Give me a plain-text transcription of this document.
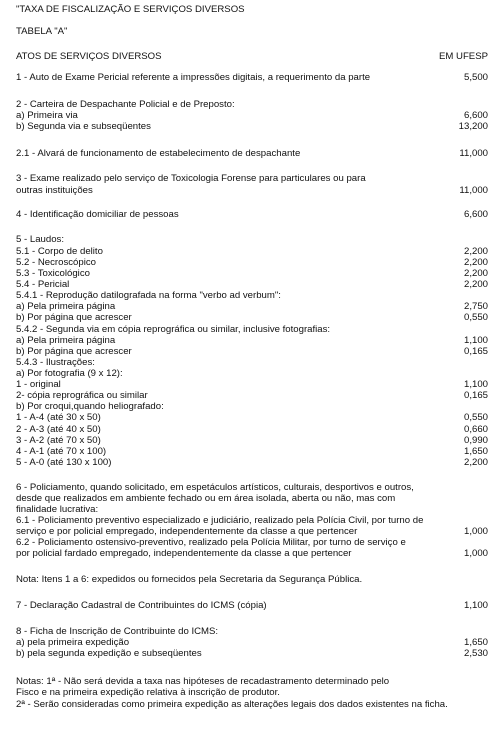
"TAXA DE FISCALIZAÇÃO E SERVIÇOS DIVERSOS
TABELA "A"
ATOS DE SERVIÇOS DIVERSOS	EM UFESP
1 - Auto de Exame Pericial referente a impressões digitais, a requerimento da parte	5,500
2 - Carteira de Despachante Policial e de Preposto:
a) Primeira via	6,600
b) Segunda via e subseqüentes	13,200
2.1 - Alvará de funcionamento de estabelecimento de despachante	11,000
3 - Exame realizado pelo serviço de Toxicologia Forense para particulares ou para
outras instituições	11,000
4 - Identificação domiciliar de pessoas	6,600
5 - Laudos:
5.1 - Corpo de delito	2,200
5.2 - Necroscópico	2,200
5.3 - Toxicológico	2,200
5.4 - Pericial	2,200
5.4.1 - Reprodução datilografada na forma "verbo ad verbum":
a) Pela primeira página	2,750
b) Por página que acrescer	0,550
5.4.2 - Segunda via em cópia reprográfica ou similar, inclusive fotografias:
a) Pela primeira página	1,100
b) Por página que acrescer	0,165
5.4.3 - Ilustrações:
a) Por fotografia (9 x 12):
1 - original	1,100
2- cópia reprográfica ou similar	0,165
b) Por croqui,quando heliografado:
1 - A-4 (até 30 x 50)	0,550
2 - A-3 (até 40 x 50)	0,660
3 - A-2 (até 70 x 50)	0,990
4 - A-1 (até 70 x 100)	1,650
5 - A-0 (até 130 x 100)	2,200
6 - Policiamento, quando solicitado, em espetáculos artísticos, culturais, desportivos e outros,
desde que realizados em ambiente fechado ou em área isolada, aberta ou não, mas com
finalidade lucrativa:
6.1 - Policiamento preventivo especializado e judiciário, realizado pela Polícia Civil, por turno de
serviço e por policial empregado, independentemente da classe a que pertencer	1,000
6.2 - Policiamento ostensivo-preventivo, realizado pela Polícia Militar, por turno de serviço e
por policial fardado empregado, independentemente da classe a que pertencer	1,000
Nota: Itens 1 a 6: expedidos ou fornecidos pela Secretaria da Segurança Pública.
7 - Declaração Cadastral de Contribuintes do ICMS (cópia)	1,100
8 - Ficha de Inscrição de Contribuinte do ICMS:
a) pela primeira expedição	1,650
b) pela segunda expedição e subseqüentes	2,530
Notas: 1ª - Não será devida a taxa nas hipóteses de recadastramento determinado pelo
Fisco e na primeira expedição relativa à inscrição de produtor.
2ª - Serão consideradas como primeira expedição as alterações legais dos dados existentes na ficha.
